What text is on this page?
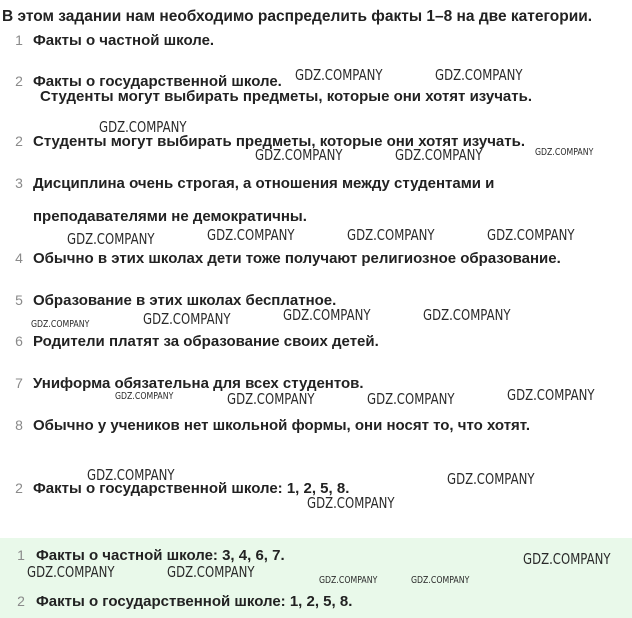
В этом задании нам необходимо распределить факты 1–8 на две категории.
1 Факты о частной школе.
2 Факты о государственной школе.
Студенты могут выбирать предметы, которые они хотят изучать.
2 Студенты могут выбирать предметы, которые они хотят изучать.
3 Дисциплина очень строгая, а отношения между студентами и
преподавателями не демократичны.
4 Обычно в этих школах дети тоже получают религиозное образование.
5 Образование в этих школах бесплатное.
6 Родители платят за образование своих детей.
7 Униформа обязательна для всех студентов.
8 Обычно у учеников нет школьной формы, они носят то, что хотят.
2 Факты о государственной школе: 1, 2, 5, 8.
1 Факты о частной школе: 3, 4, 6, 7.
2 Факты о государственной школе: 1, 2, 5, 8.
GDZ.COMPANY	GDZ.COMPANY
GDZ.COMPANY
GDZ.COMPANY	GDZ.COMPANY	GDZ.COMPANY
GDZ.COMPANY	GDZ.COMPANY	GDZ.COMPANY	GDZ.COMPANY
GDZ.COMPANY	GDZ.COMPANY	GDZ.COMPANY	GDZ.COMPANY
GDZ.COMPANY	GDZ.COMPANY	GDZ.COMPANY	GDZ.COMPANY
GDZ.COMPANY	GDZ.COMPANY
GDZ.COMPANY
GDZ.COMPANY
GDZ.COMPANY	GDZ.COMPANY	GDZ.COMPANY	GDZ.COMPANY
